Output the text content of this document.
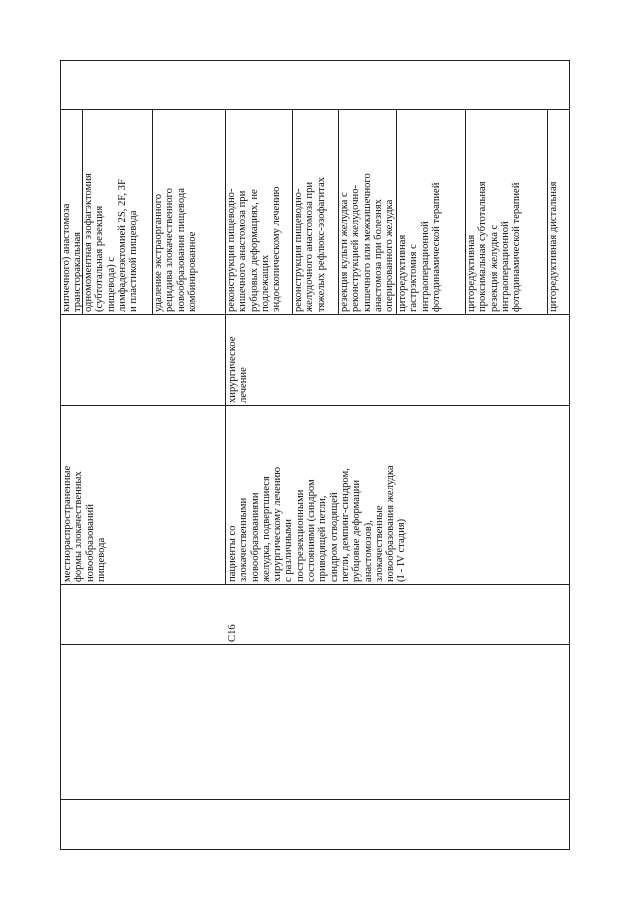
местнораспространенные
формы злокачественных
новообразований
пищевода
кипчечного) анастомоза
трансторакальная одномоментная эзофагэктомия
(субтотальная резекция
пищевода) с
лимфаденэктомией 2S, 2F, 3F
и пластикой пищевода
удаление экстраорганного
рецидива злокачественного
новообразования пищевода
комбинированное
C16
пациенты со
злокачественными
новообразованиями
желудка, подвергшиеся
хирургическому лечению
с различными
пострезекционными
состояниями (синдром
приводящей петли,
синдром отводящей
петли, демпинг-синдром,
рубцовые деформации
анастомозов),
злокачественные
новообразования желудка
(I - IV стадия)
хирургическое
лечение
реконструкция пищеводно-
кишечного анастомоза при
рубцовых деформациях, не
подлежащих
эндоскопическому лечению
реконструкция пищеводно-
желудочного анастомоза при
тяжелых рефлюкс-эзофагитах
резекция культи желудка с
реконструкцией желудочно-
кишечного или межкишечного
анастомоза при болезнях
оперированного желудка
циторедуктивная
гастрэктомия с
интраоперационной
фотодинамической терапией
циторедуктивная
проксимальная субтотальная
резекция желудка с
интраоперационной
фотодинамической терапией	циторедуктивная дистальная
